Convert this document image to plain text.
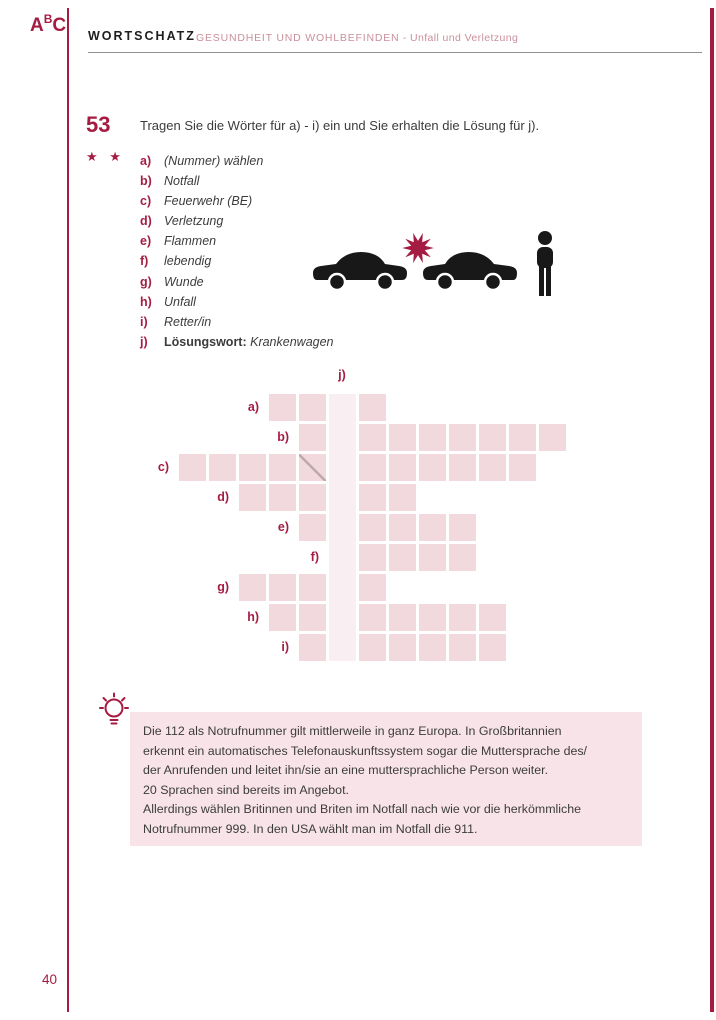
$A^BC$ WORTSCHATZ GESUNDHEIT UND WOHLBEFINDEN - Unfall und Verletzung
53
★ ★
Tragen Sie die Wörter für a) - i) ein und Sie erhalten die Lösung für j).
a) (Nummer) wählen
b) Notfall
c) Feuerwehr (BE)
d) Verletzung
e) Flammen
f) lebendig
g) Wunde
h) Unfall
i) Retter/in
j) Lösungswort: Krankenwagen
j)
a)
b)
c)
d)
e)
f)
g)
h)
i)
Die 112 als Notrufnummer gilt mittlerweile in ganz Europa. In Großbritannien
erkennt ein automatisches Telefonauskunftssystem sogar die Muttersprache des/
der Anrufenden und leitet ihn/sie an eine muttersprachliche Person weiter.
20 Sprachen sind bereits im Angebot.
Allerdings wählen Britinnen und Briten im Notfall nach wie vor die herkömmliche
Notrufnummer 999. In den USA wählt man im Notfall die 911.
40
